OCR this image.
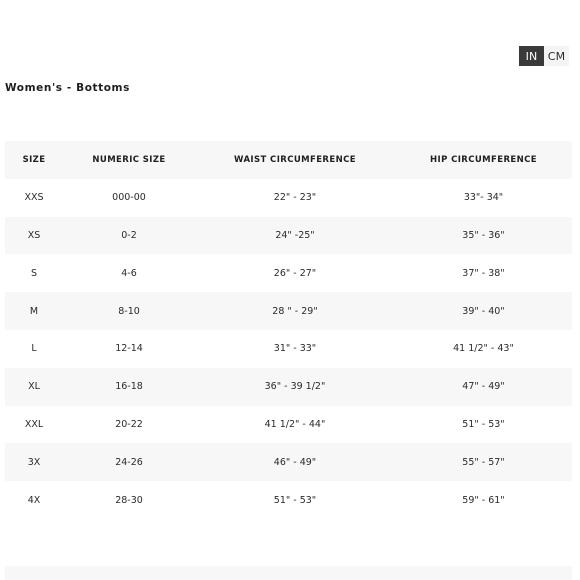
IN CM
Women's - Bottoms
SIZE	NUMERIC SIZE	WAIST CIRCUMFERENCE	HIP CIRCUMFERENCE
XXS	000-00	22" - 23"	33"- 34"
XS	0-2	24" -25"	35" - 36"
S	4-6	26" - 27"	37" - 38"
M	8-10	28 " - 29"	39" - 40"
L	12-14	31" - 33"	41 1/2" - 43"
XL	16-18	36" - 39 1/2"	47" - 49"
XXL	20-22	41 1/2" - 44"	51" - 53"
3X	24-26	46" - 49"	55" - 57"
4X	28-30	51" - 53"	59" - 61"
